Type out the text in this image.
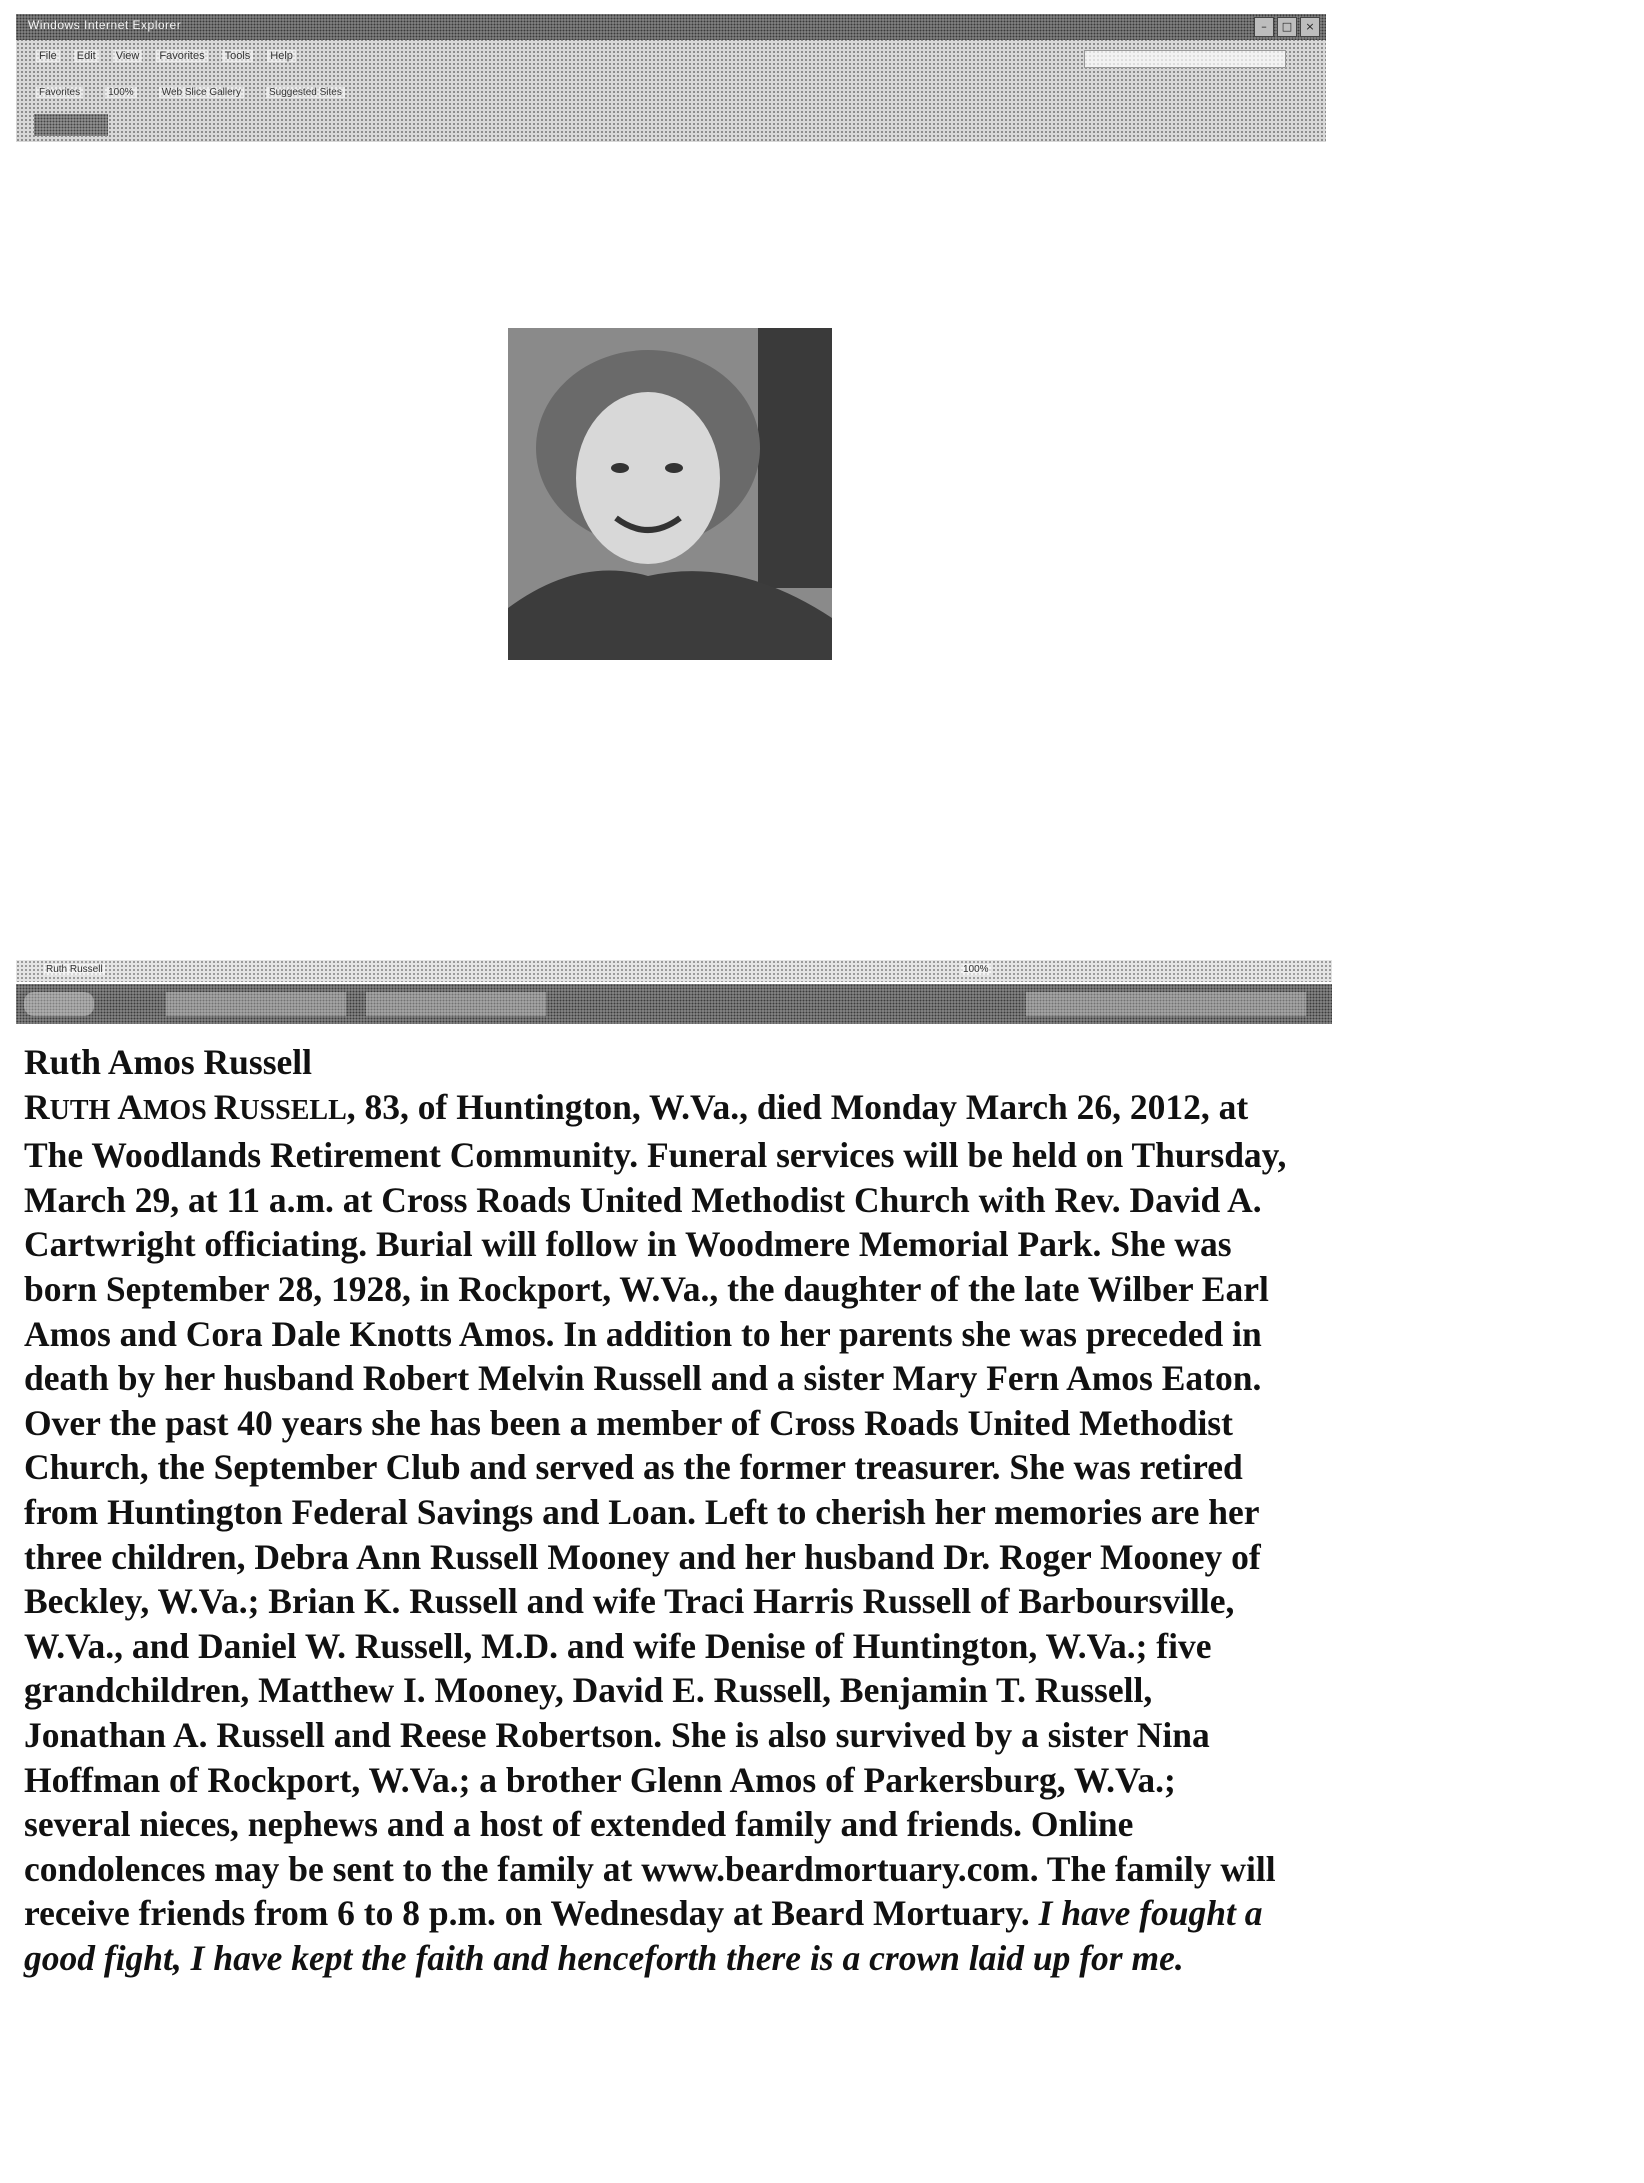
Windows Internet Explorer	–	□	×
File Edit View Favorites Tools Help
Favorites	100%	Web Slice Gallery	Suggested Sites
Ruth Russell	100%
Ruth Amos Russell
RUTH AMOS RUSSELL, 83, of Huntington, W.Va., died Monday March 26, 2012, at
The Woodlands Retirement Community. Funeral services will be held on Thursday,
March 29, at 11 a.m. at Cross Roads United Methodist Church with Rev. David A.
Cartwright officiating. Burial will follow in Woodmere Memorial Park. She was
born September 28, 1928, in Rockport, W.Va., the daughter of the late Wilber Earl
Amos and Cora Dale Knotts Amos. In addition to her parents she was preceded in
death by her husband Robert Melvin Russell and a sister Mary Fern Amos Eaton.
Over the past 40 years she has been a member of Cross Roads United Methodist
Church, the September Club and served as the former treasurer. She was retired
from Huntington Federal Savings and Loan. Left to cherish her memories are her
three children, Debra Ann Russell Mooney and her husband Dr. Roger Mooney of
Beckley, W.Va.; Brian K. Russell and wife Traci Harris Russell of Barboursville,
W.Va., and Daniel W. Russell, M.D. and wife Denise of Huntington, W.Va.; five
grandchildren, Matthew I. Mooney, David E. Russell, Benjamin T. Russell,
Jonathan A. Russell and Reese Robertson. She is also survived by a sister Nina
Hoffman of Rockport, W.Va.; a brother Glenn Amos of Parkersburg, W.Va.;
several nieces, nephews and a host of extended family and friends. Online
condolences may be sent to the family at www.beardmortuary.com. The family will
receive friends from 6 to 8 p.m. on Wednesday at Beard Mortuary. I have fought a
good fight, I have kept the faith and henceforth there is a crown laid up for me.
